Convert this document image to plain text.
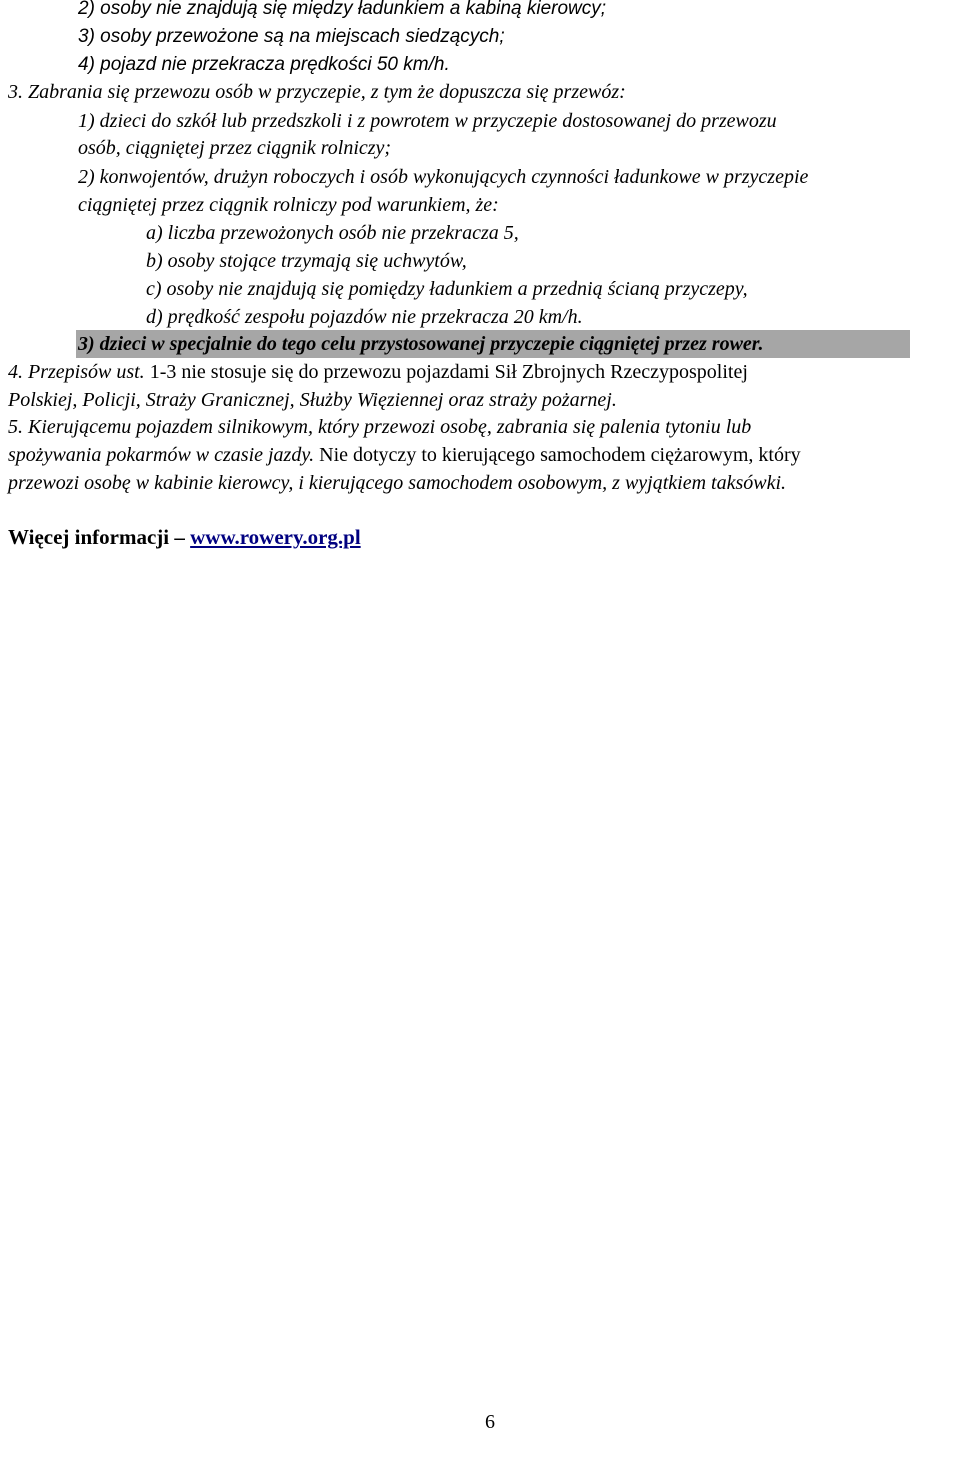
2) osoby nie znajdują się między ładunkiem a kabiną kierowcy;
3) osoby przewożone są na miejscach siedzących;
4) pojazd nie przekracza prędkości 50 km/h.
3. Zabrania się przewozu osób w przyczepie, z tym że dopuszcza się przewóz:
1) dzieci do szkół lub przedszkoli i z powrotem w przyczepie dostosowanej do przewozu
osób, ciągniętej przez ciągnik rolniczy;
2) konwojentów, drużyn roboczych i osób wykonujących czynności ładunkowe w przyczepie
ciągniętej przez ciągnik rolniczy pod warunkiem, że:
a) liczba przewożonych osób nie przekracza 5,
b) osoby stojące trzymają się uchwytów,
c) osoby nie znajdują się pomiędzy ładunkiem a przednią ścianą przyczepy,
d) prędkość zespołu pojazdów nie przekracza 20 km/h.
3) dzieci w specjalnie do tego celu przystosowanej przyczepie ciągniętej przez rower.
4. Przepisów ust. 1-3 nie stosuje się do przewozu pojazdami Sił Zbrojnych Rzeczypospolitej
Polskiej, Policji, Straży Granicznej, Służby Więziennej oraz straży pożarnej.
5. Kierującemu pojazdem silnikowym, który przewozi osobę, zabrania się palenia tytoniu lub
spożywania pokarmów w czasie jazdy. Nie dotyczy to kierującego samochodem ciężarowym, który
przewozi osobę w kabinie kierowcy, i kierującego samochodem osobowym, z wyjątkiem taksówki.
Więcej informacji – www.rowery.org.pl
6
